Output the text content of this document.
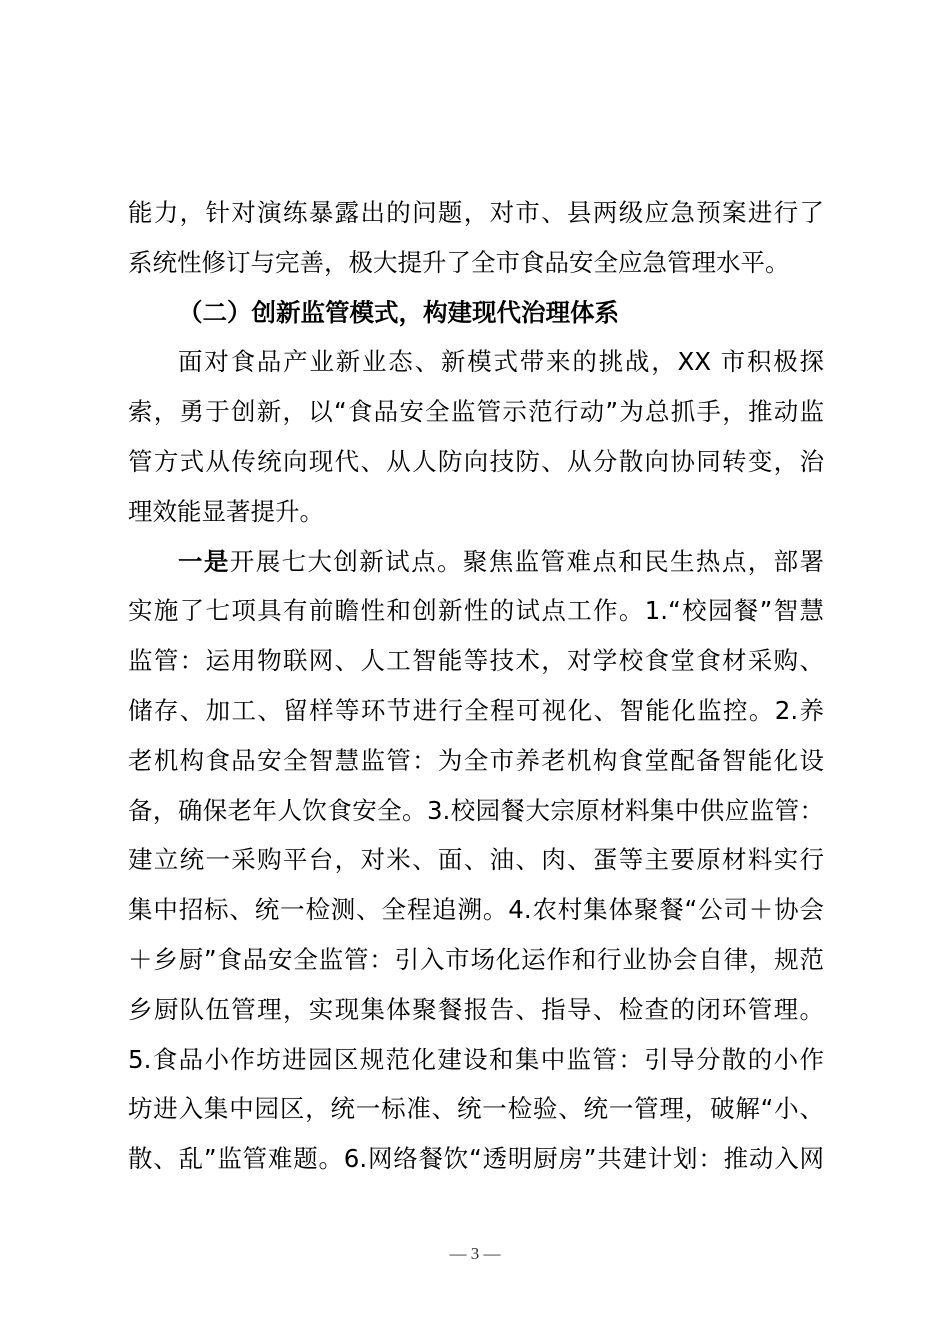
能力，针对演练暴露出的问题，对市、县两级应急预案进行了
系统性修订与完善，极大提升了全市食品安全应急管理水平。
（二）创新监管模式，构建现代治理体系
面对食品产业新业态、新模式带来的挑战，XX 市积极探
索，勇于创新，以“食品安全监管示范行动”为总抓手，推动监
管方式从传统向现代、从人防向技防、从分散向协同转变，治
理效能显著提升。
一是开展七大创新试点。聚焦监管难点和民生热点，部署
实施了七项具有前瞻性和创新性的试点工作。1.“校园餐”智慧
监管：运用物联网、人工智能等技术，对学校食堂食材采购、
储存、加工、留样等环节进行全程可视化、智能化监控。2.养
老机构食品安全智慧监管：为全市养老机构食堂配备智能化设
备，确保老年人饮食安全。3.校园餐大宗原材料集中供应监管：
建立统一采购平台，对米、面、油、肉、蛋等主要原材料实行
集中招标、统一检测、全程追溯。4.农村集体聚餐“公司＋协会
＋乡厨”食品安全监管：引入市场化运作和行业协会自律，规范
乡厨队伍管理，实现集体聚餐报告、指导、检查的闭环管理。
5.食品小作坊进园区规范化建设和集中监管：引导分散的小作
坊进入集中园区，统一标准、统一检验、统一管理，破解“小、
散、乱”监管难题。6.网络餐饮“透明厨房”共建计划：推动入网
— 3 —
